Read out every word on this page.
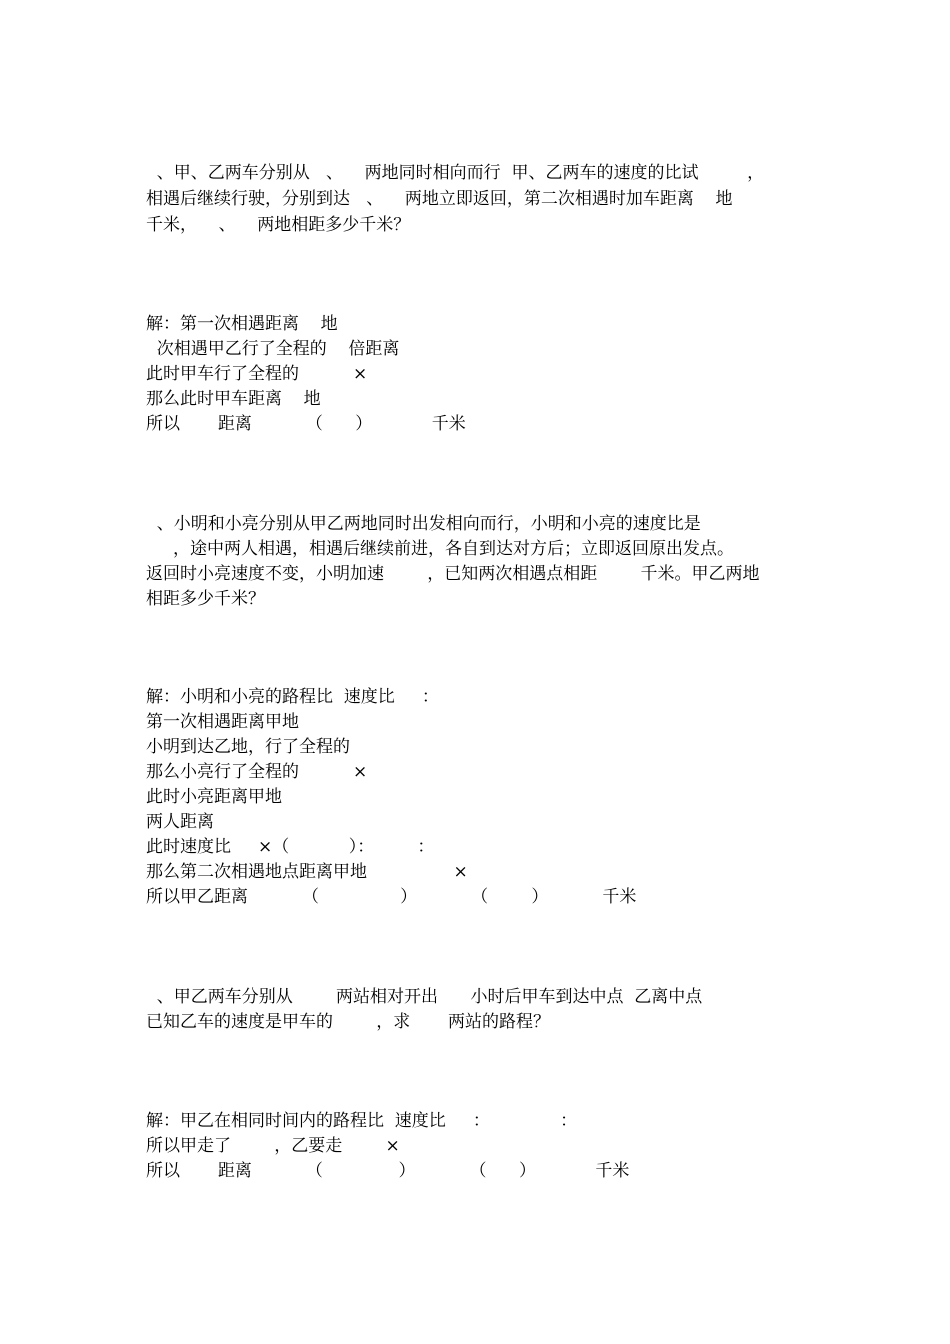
、甲、乙两车分别从   、    两地同时相向而行  甲、乙两车的速度的比试         ，
相遇后继续行驶，分别到达   、    两地立即返回，第二次相遇时加车距离    地
千米，    、    两地相距多少千米？
解：第一次相遇距离    地
次相遇甲乙行了全程的    倍距离
此时甲车行了全程的          ×
那么此时甲车距离    地
所以       距离          （      ）           千米
、小明和小亮分别从甲乙两地同时出发相向而行，小明和小亮的速度比是
，途中两人相遇，相遇后继续前进，各自到达对方后；立即返回原出发点。
返回时小亮速度不变，小明加速        ，已知两次相遇点相距        千米。甲乙两地
相距多少千米？
解：小明和小亮的路程比  速度比     ：
第一次相遇距离甲地
小明到达乙地，行了全程的
那么小亮行了全程的          ×
此时小亮距离甲地
两人距离
此时速度比     ×（           ）：        ：
那么第二次相遇地点距离甲地                ×
所以甲乙距离          （               ）          （        ）          千米
、甲乙两车分别从        两站相对开出      小时后甲车到达中点  乙离中点
已知乙车的速度是甲车的        ，求       两站的路程？
解：甲乙在相同时间内的路程比  速度比     ：             ：
所以甲走了        ，乙要走        ×
所以       距离          （              ）          （      ）           千米
